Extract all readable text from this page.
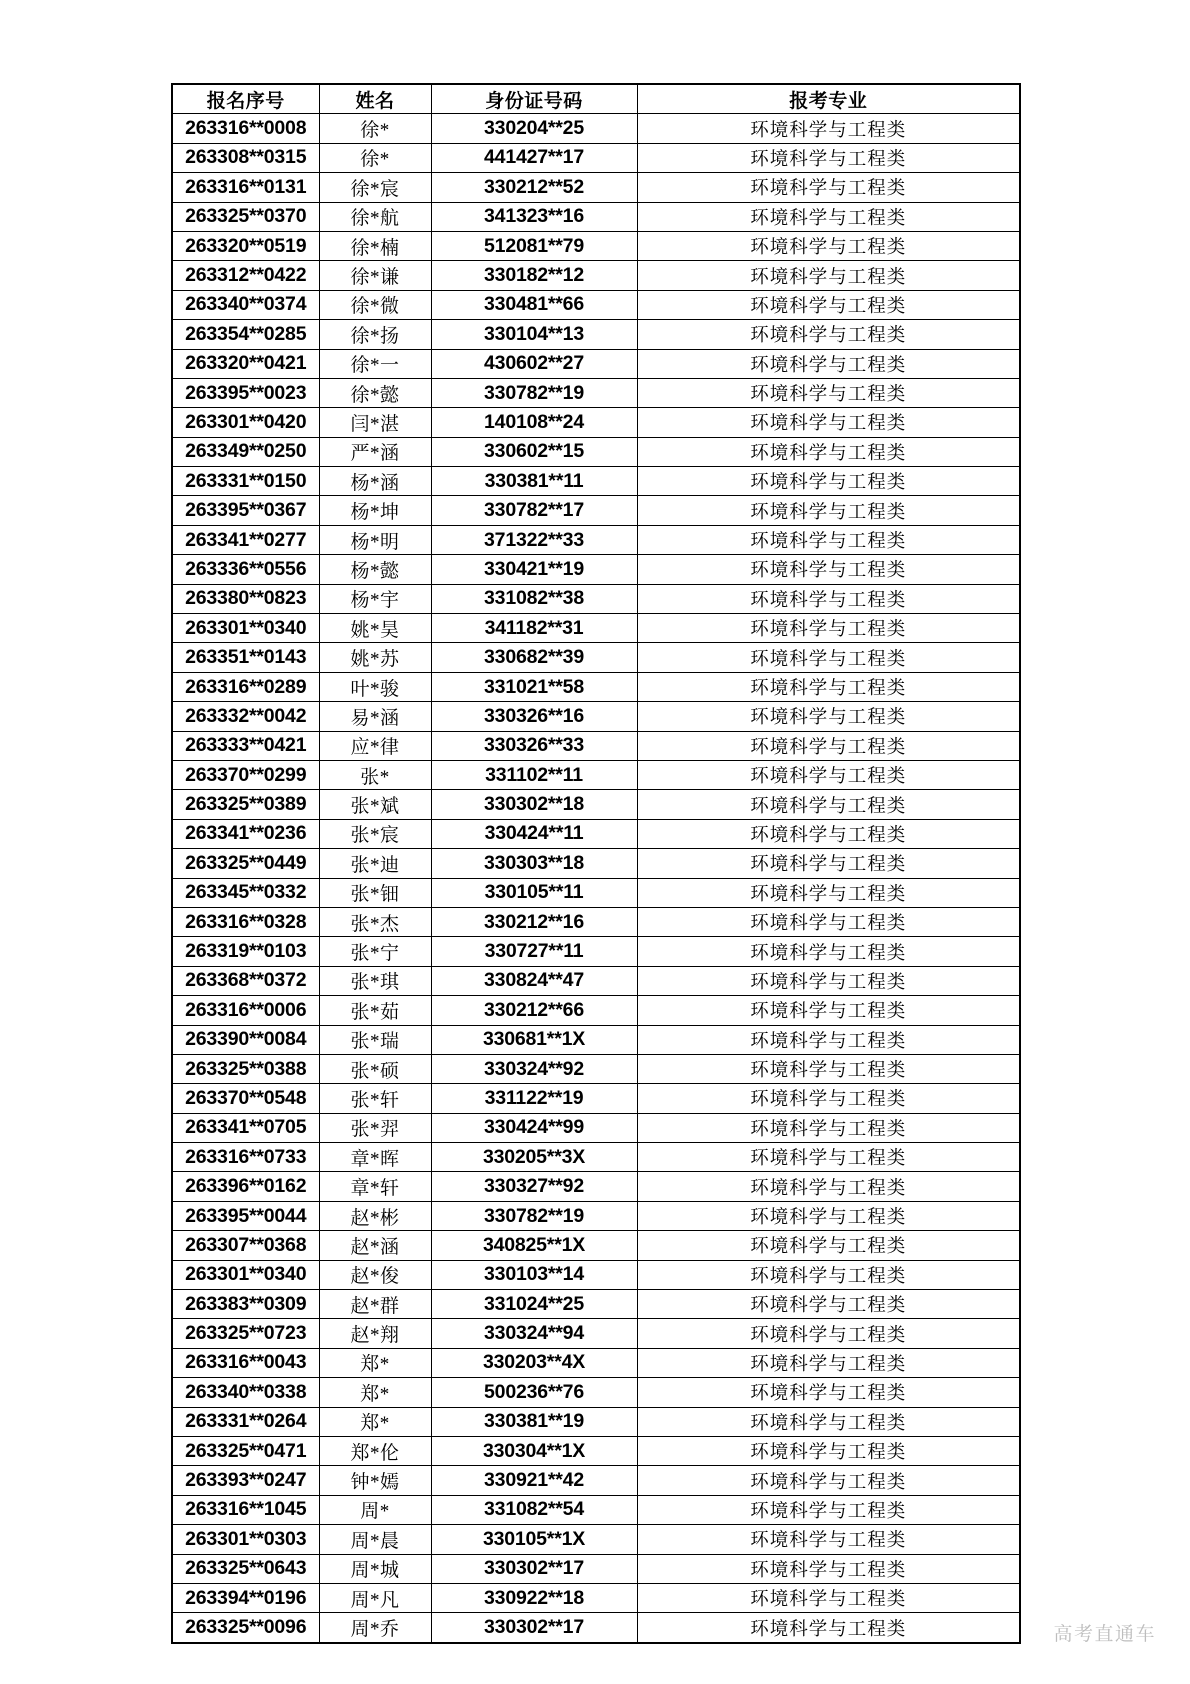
报名序号	姓名	身份证号码	报考专业
263316**0008	徐*	330204**25	环境科学与工程类
263308**0315	徐*	441427**17	环境科学与工程类
263316**0131	徐*宸	330212**52	环境科学与工程类
263325**0370	徐*航	341323**16	环境科学与工程类
263320**0519	徐*楠	512081**79	环境科学与工程类
263312**0422	徐*谦	330182**12	环境科学与工程类
263340**0374	徐*微	330481**66	环境科学与工程类
263354**0285	徐*扬	330104**13	环境科学与工程类
263320**0421	徐*一	430602**27	环境科学与工程类
263395**0023	徐*懿	330782**19	环境科学与工程类
263301**0420	闫*湛	140108**24	环境科学与工程类
263349**0250	严*涵	330602**15	环境科学与工程类
263331**0150	杨*涵	330381**11	环境科学与工程类
263395**0367	杨*坤	330782**17	环境科学与工程类
263341**0277	杨*明	371322**33	环境科学与工程类
263336**0556	杨*懿	330421**19	环境科学与工程类
263380**0823	杨*宇	331082**38	环境科学与工程类
263301**0340	姚*昊	341182**31	环境科学与工程类
263351**0143	姚*苏	330682**39	环境科学与工程类
263316**0289	叶*骏	331021**58	环境科学与工程类
263332**0042	易*涵	330326**16	环境科学与工程类
263333**0421	应*律	330326**33	环境科学与工程类
263370**0299	张*	331102**11	环境科学与工程类
263325**0389	张*斌	330302**18	环境科学与工程类
263341**0236	张*宸	330424**11	环境科学与工程类
263325**0449	张*迪	330303**18	环境科学与工程类
263345**0332	张*钿	330105**11	环境科学与工程类
263316**0328	张*杰	330212**16	环境科学与工程类
263319**0103	张*宁	330727**11	环境科学与工程类
263368**0372	张*琪	330824**47	环境科学与工程类
263316**0006	张*茹	330212**66	环境科学与工程类
263390**0084	张*瑞	330681**1X	环境科学与工程类
263325**0388	张*硕	330324**92	环境科学与工程类
263370**0548	张*轩	331122**19	环境科学与工程类
263341**0705	张*羿	330424**99	环境科学与工程类
263316**0733	章*晖	330205**3X	环境科学与工程类
263396**0162	章*轩	330327**92	环境科学与工程类
263395**0044	赵*彬	330782**19	环境科学与工程类
263307**0368	赵*涵	340825**1X	环境科学与工程类
263301**0340	赵*俊	330103**14	环境科学与工程类
263383**0309	赵*群	331024**25	环境科学与工程类
263325**0723	赵*翔	330324**94	环境科学与工程类
263316**0043	郑*	330203**4X	环境科学与工程类
263340**0338	郑*	500236**76	环境科学与工程类
263331**0264	郑*	330381**19	环境科学与工程类
263325**0471	郑*伦	330304**1X	环境科学与工程类
263393**0247	钟*嫣	330921**42	环境科学与工程类
263316**1045	周*	331082**54	环境科学与工程类
263301**0303	周*晨	330105**1X	环境科学与工程类
263325**0643	周*城	330302**17	环境科学与工程类
263394**0196	周*凡	330922**18	环境科学与工程类
263325**0096	周*乔	330302**17	环境科学与工程类	高考直通车
